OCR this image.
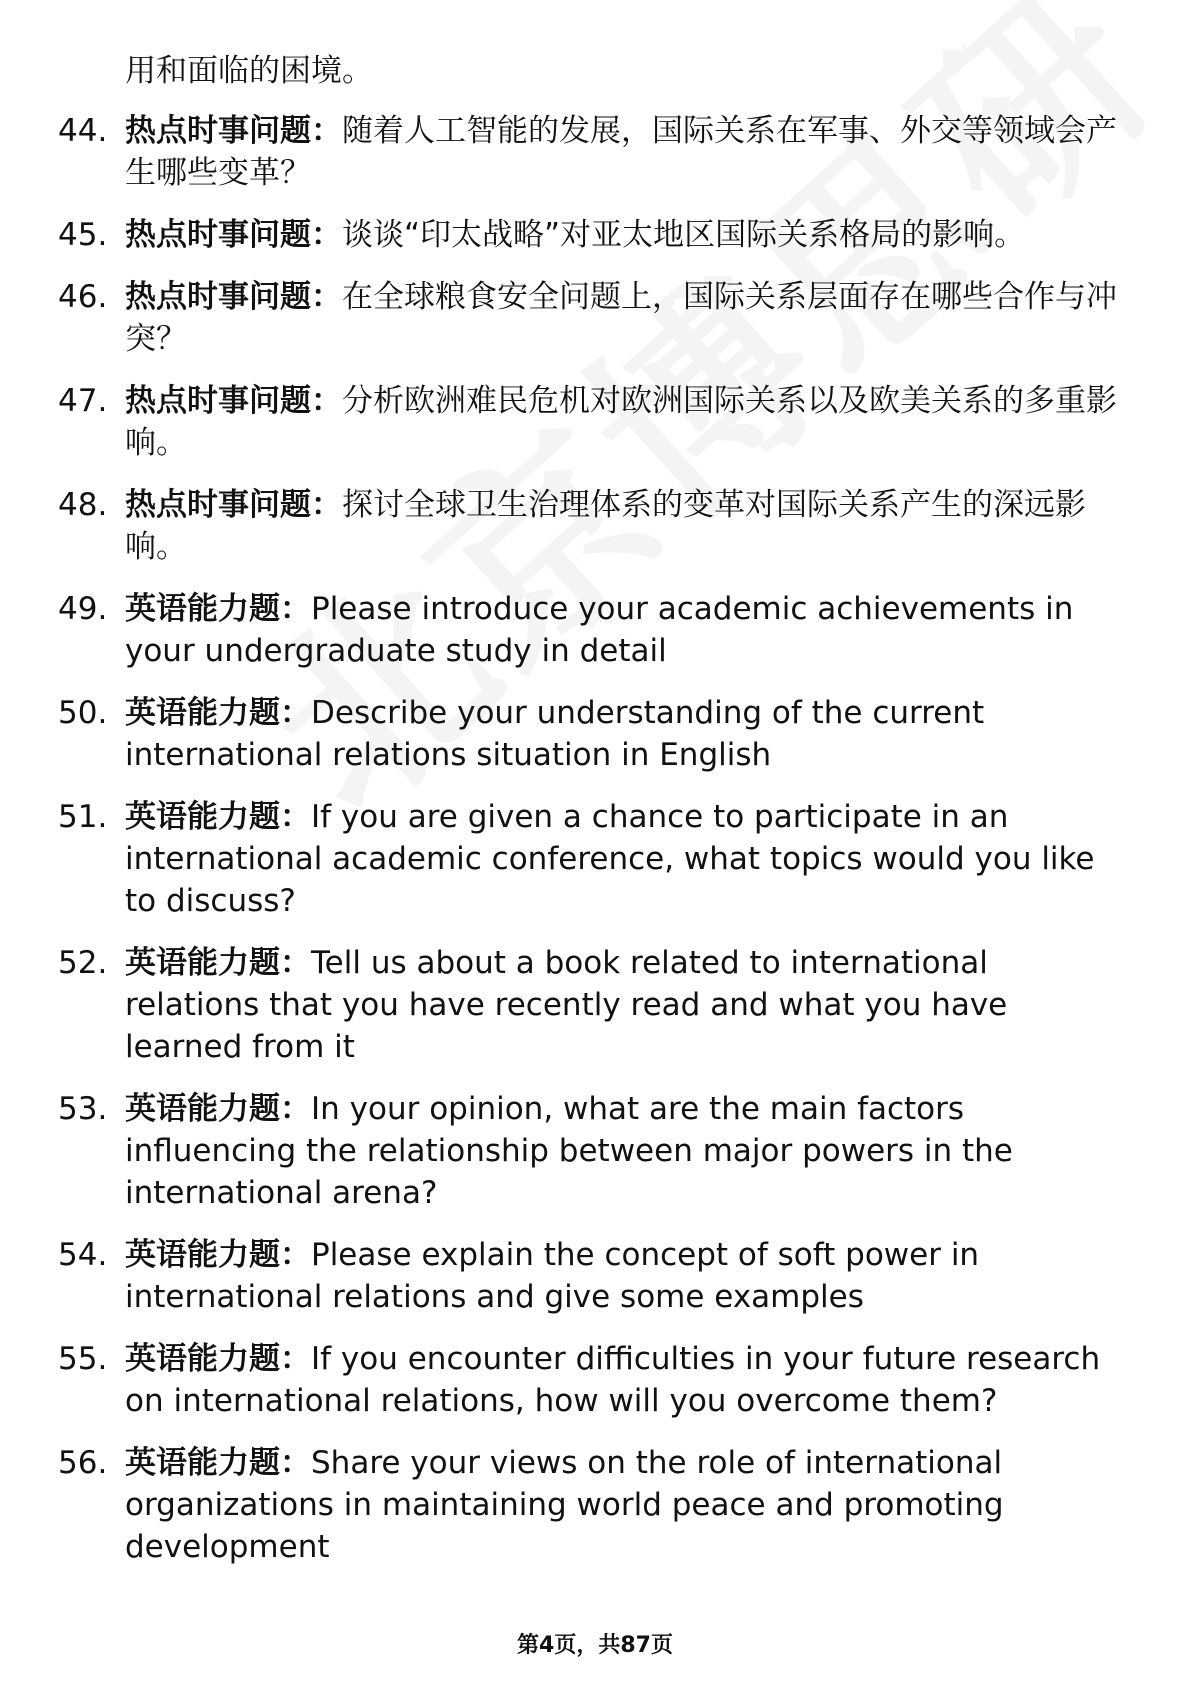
用和面临的困境。
44. 热点时事问题：随着人工智能的发展，国际关系在军事、外交等领域会产生哪些变革？
45. 热点时事问题：谈谈“印太战略”对亚太地区国际关系格局的影响。
46. 热点时事问题：在全球粮食安全问题上，国际关系层面存在哪些合作与冲突？
47. 热点时事问题：分析欧洲难民危机对欧洲国际关系以及欧美关系的多重影响。
48. 热点时事问题：探讨全球卫生治理体系的变革对国际关系产生的深远影响。
49. 英语能力题：Please introduce your academic achievements in your undergraduate study in detail
50. 英语能力题：Describe your understanding of the current international relations situation in English
51. 英语能力题：If you are given a chance to participate in an international academic conference, what topics would you like to discuss?
52. 英语能力题：Tell us about a book related to international relations that you have recently read and what you have learned from it
53. 英语能力题：In your opinion, what are the main factors influencing the relationship between major powers in the international arena?
54. 英语能力题：Please explain the concept of soft power in international relations and give some examples
55. 英语能力题：If you encounter difficulties in your future research on international relations, how will you overcome them?
56. 英语能力题：Share your views on the role of international organizations in maintaining world peace and promoting development
第4页，共87页
